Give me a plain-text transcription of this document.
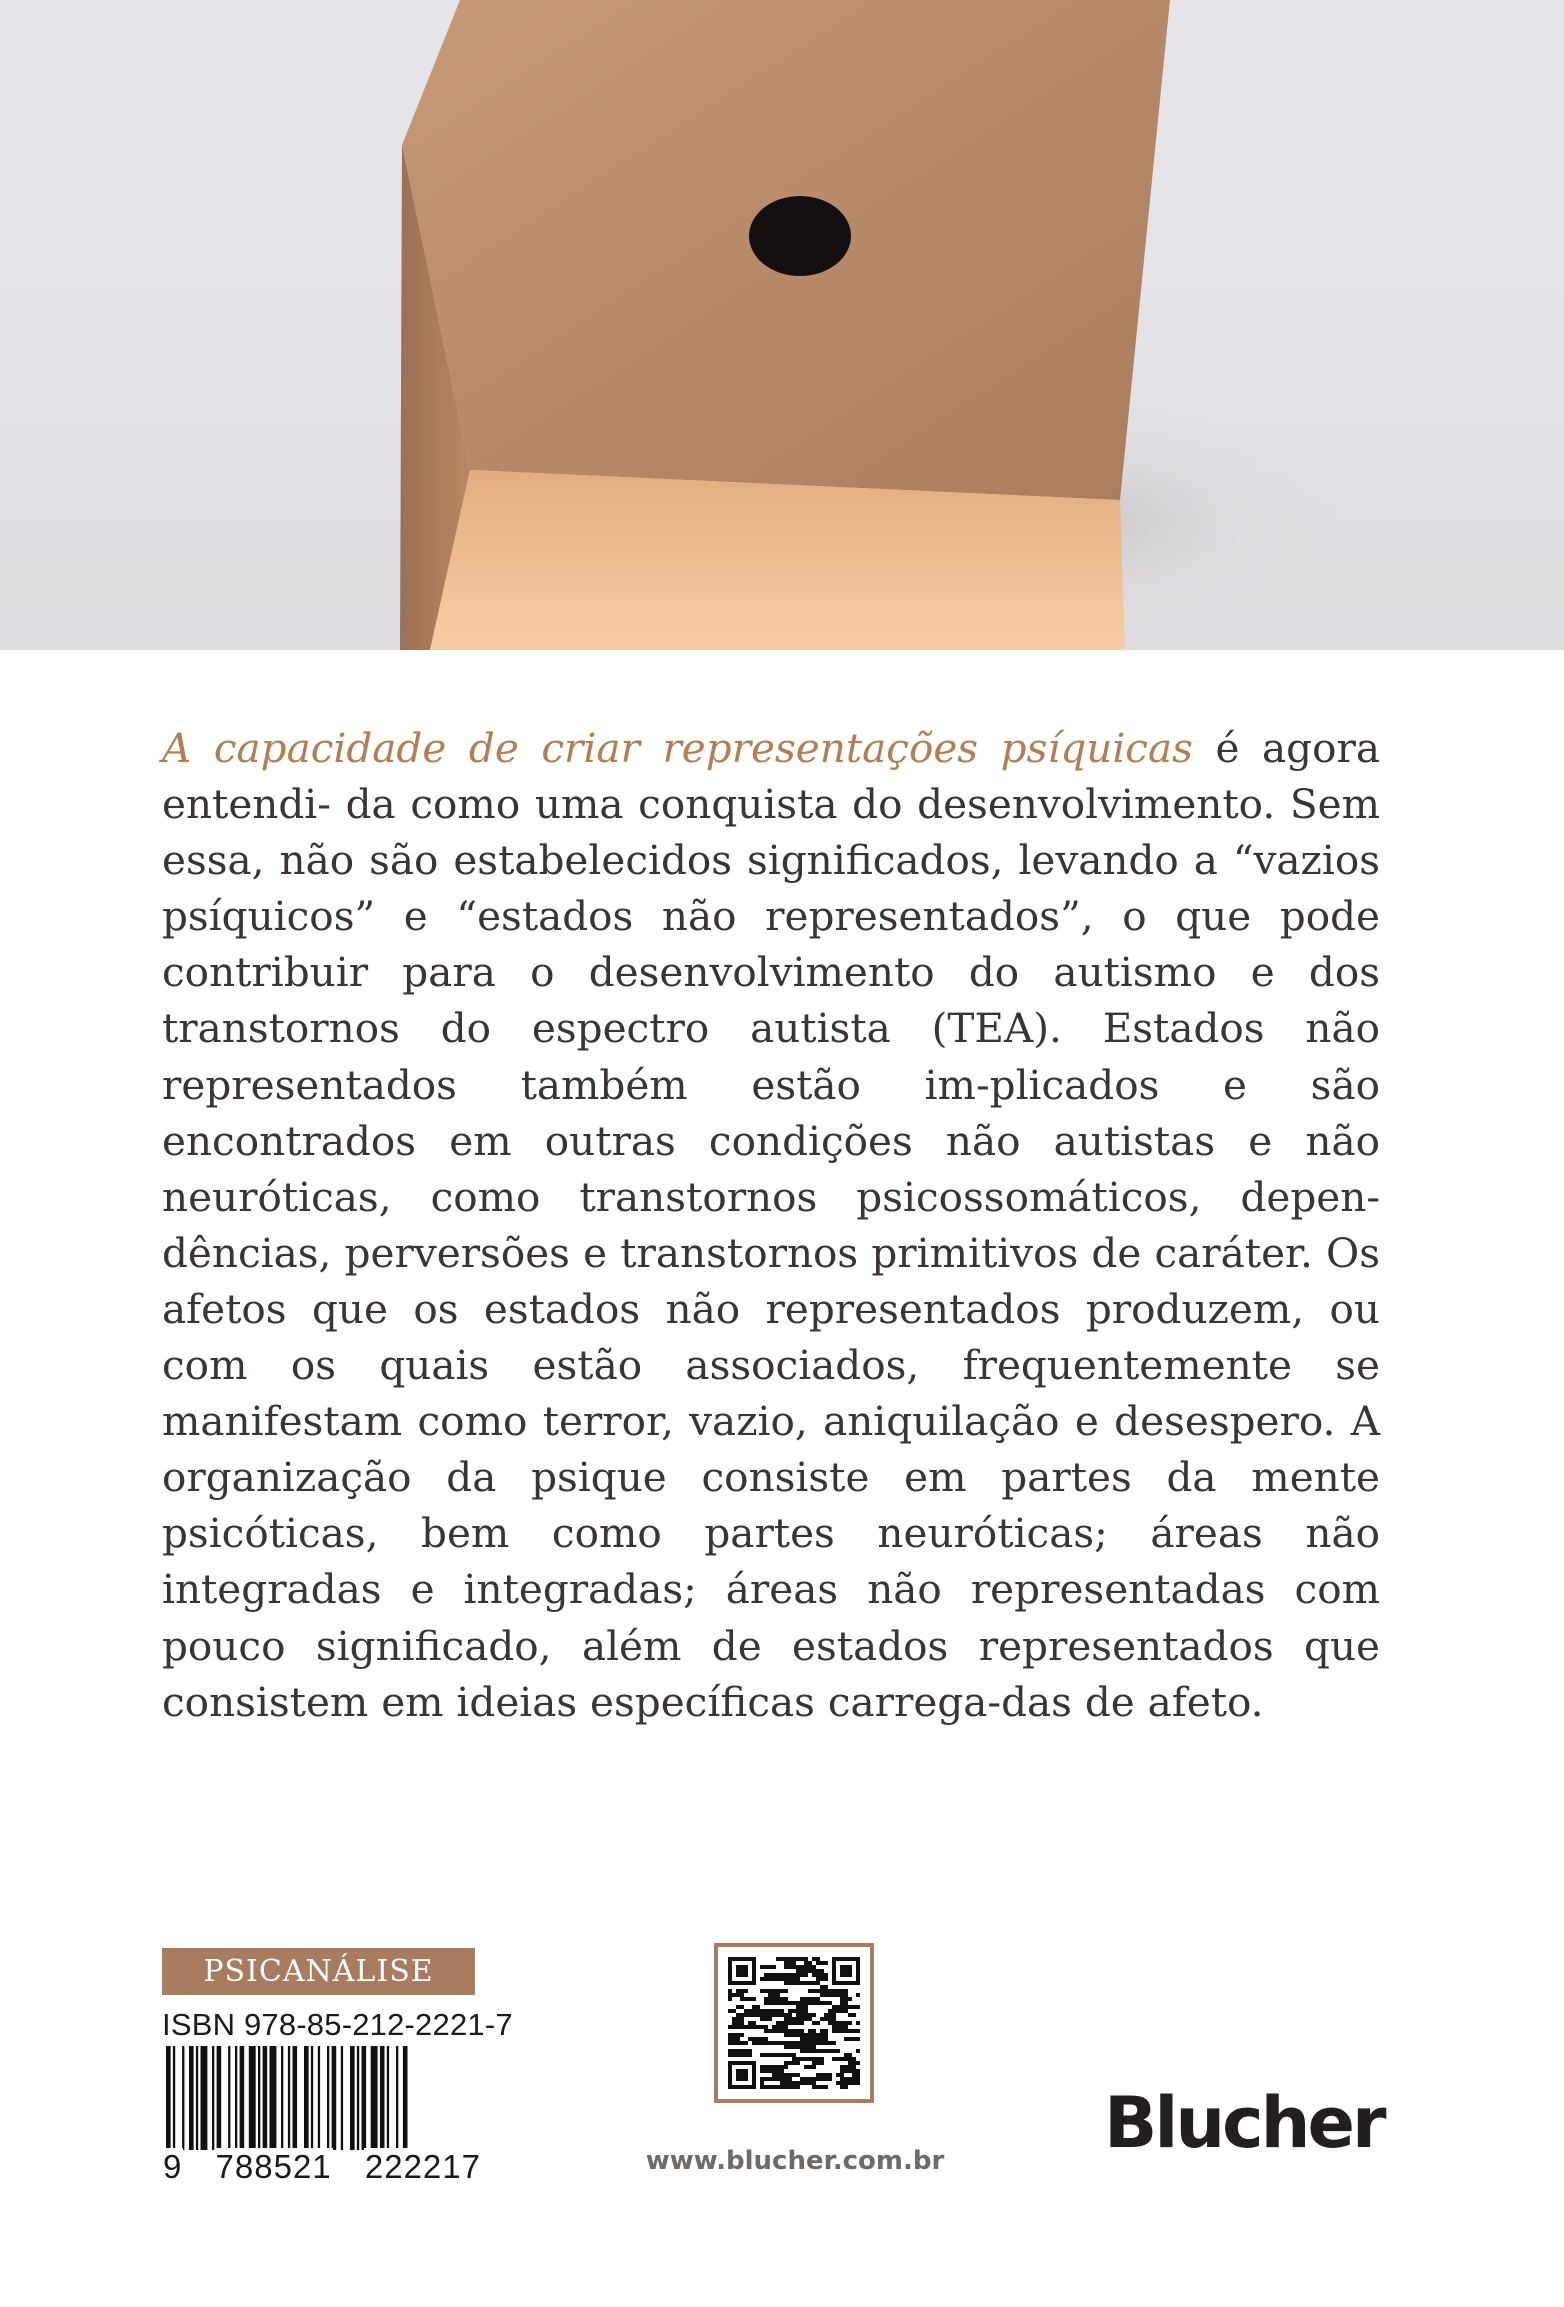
A capacidade de criar representações psíquicas é agora entendi- da como uma conquista do desenvolvimento. Sem essa, não são estabelecidos significados, levando a “vazios psíquicos” e “estados não representados”, o que pode contribuir para o desenvolvimento do autismo e dos transtornos do espectro autista (TEA). Estados não representados também estão im-plicados e são encontrados em outras condições não autistas e não neuróticas, como transtornos psicossomáticos, depen-dências, perversões e transtornos primitivos de caráter. Os afetos que os estados não representados produzem, ou com os quais estão associados, frequentemente se manifestam como terror, vazio, aniquilação e desespero. A organização da psique consiste em partes da mente psicóticas, bem como partes neuróticas; áreas não integradas e integradas; áreas não representadas com pouco significado, além de estados representados que consistem em ideias específicas carrega-das de afeto.

PSICANÁLISE
ISBN 978-85-212-2221-7
9 788521 222217	www.blucher.com.br Blucher
